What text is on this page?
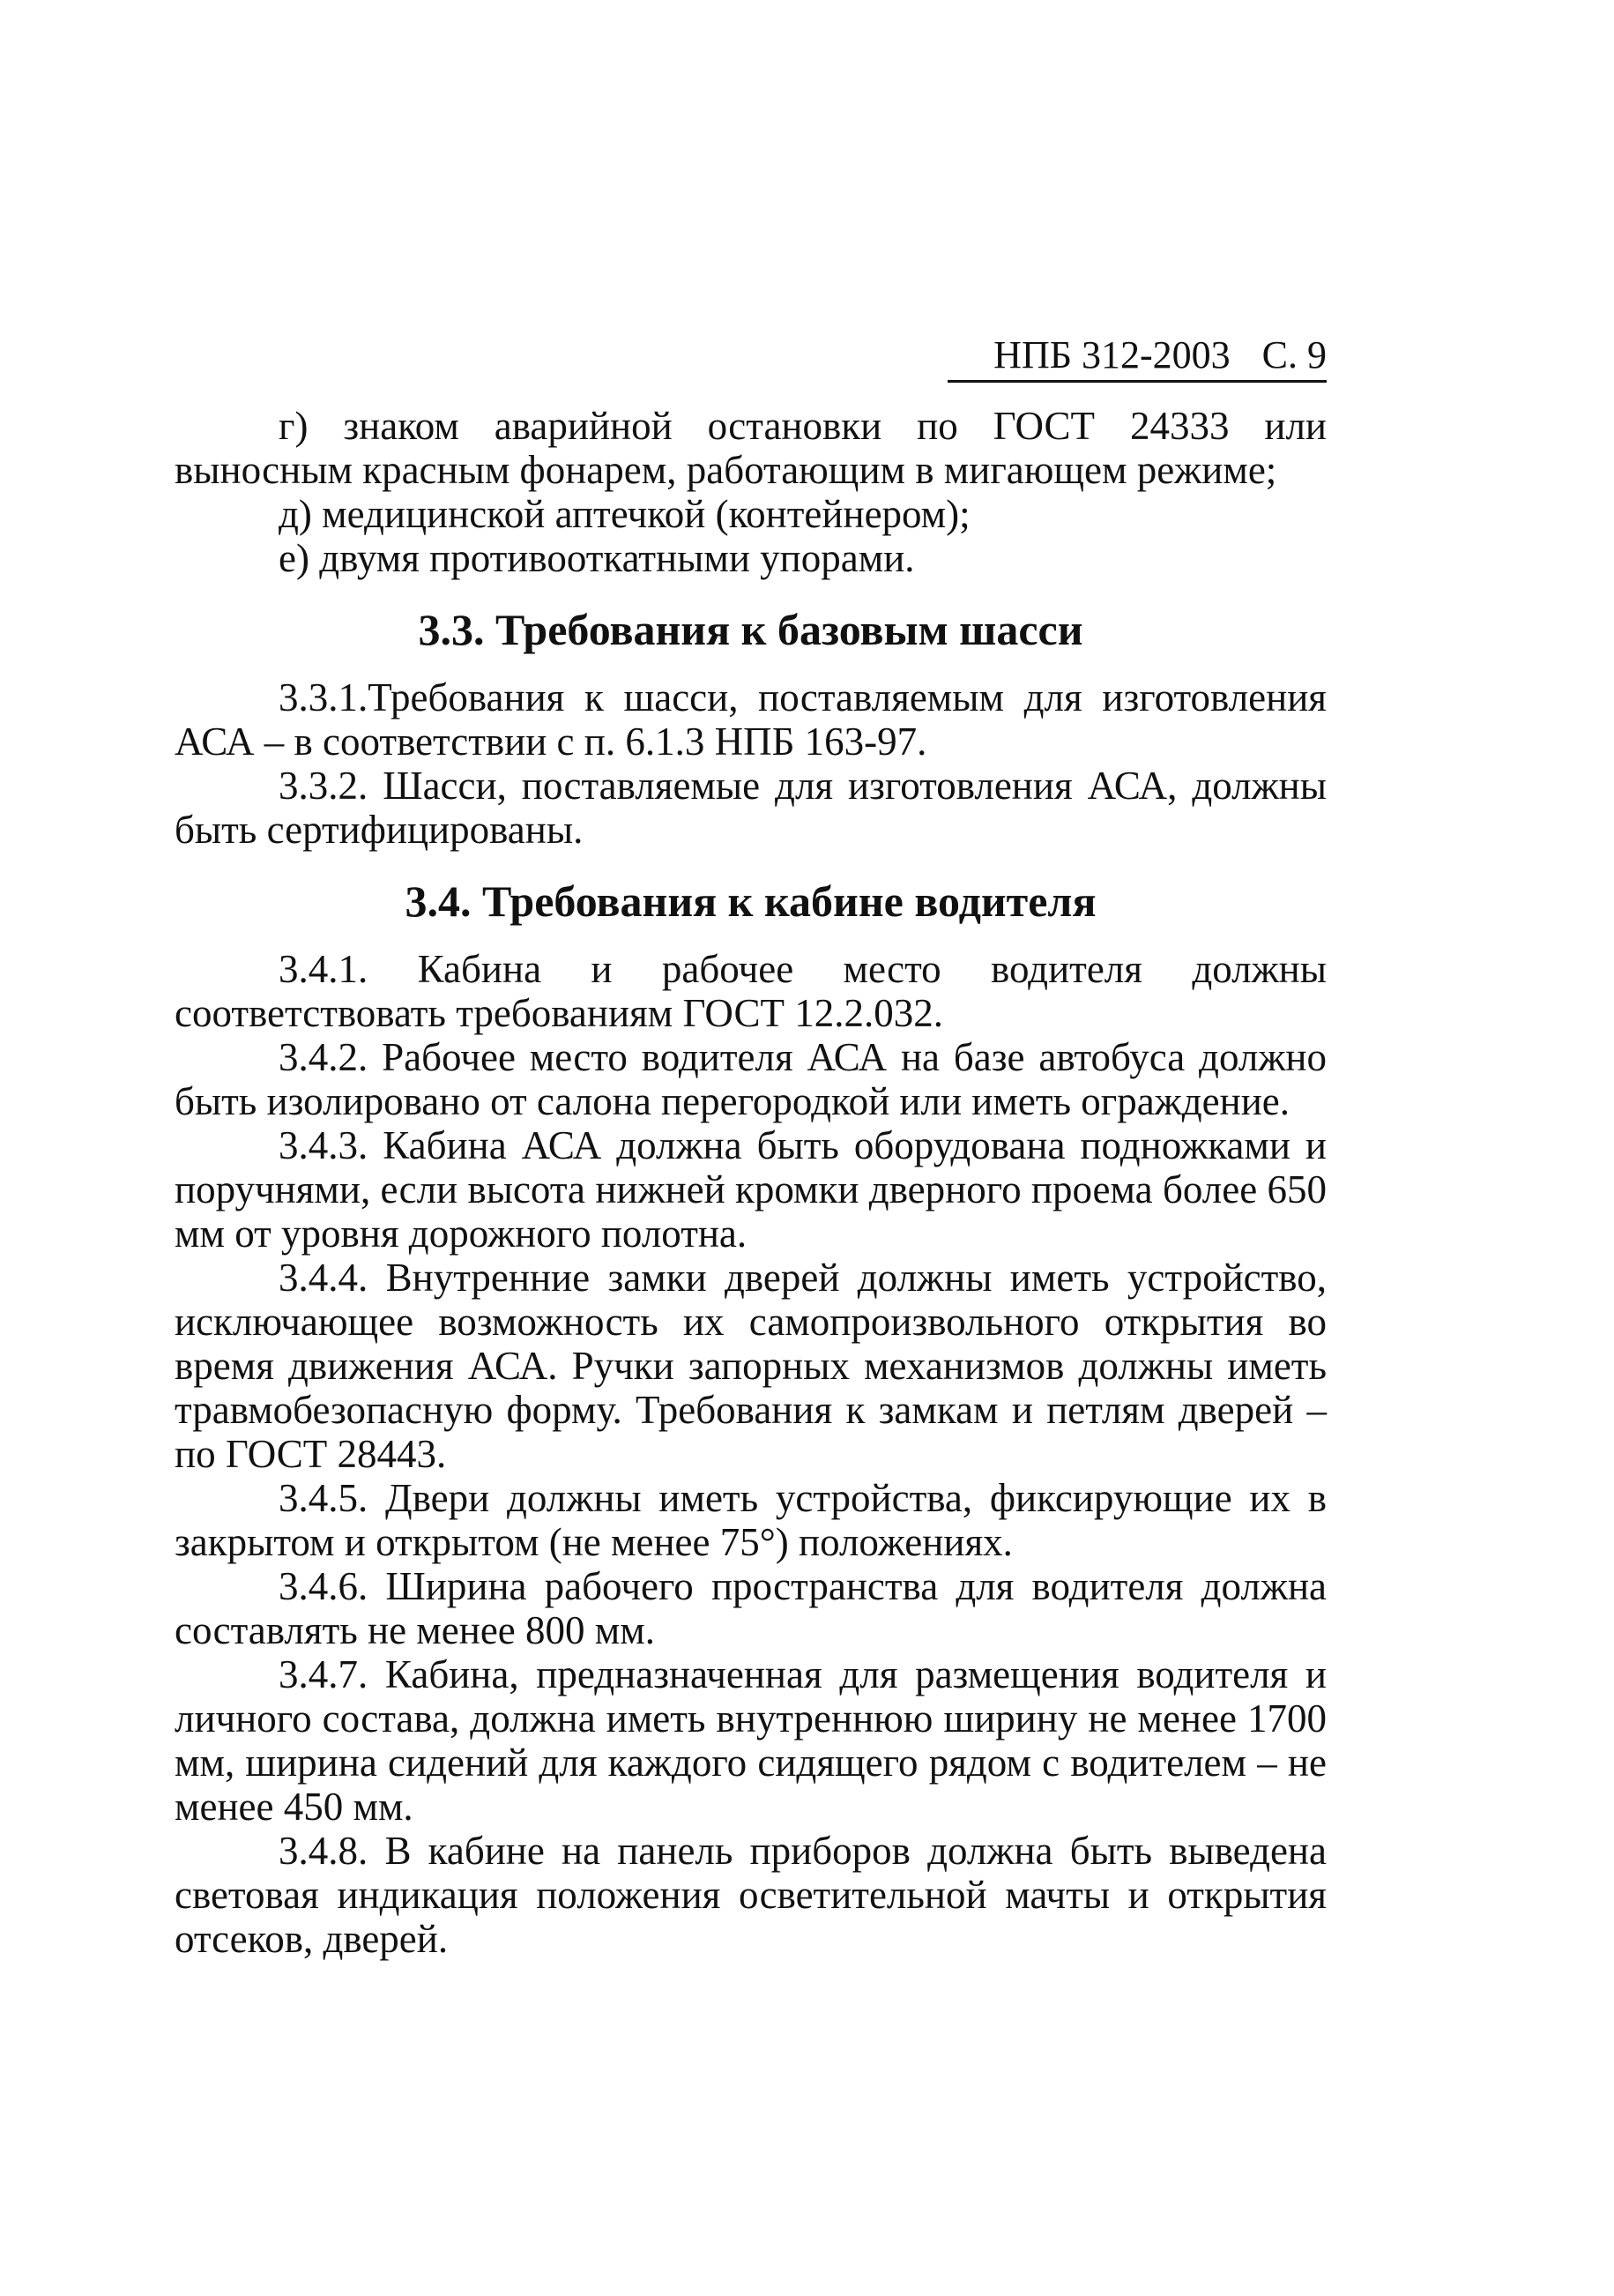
НПБ 312-2003 С. 9

г) знаком аварийной остановки по ГОСТ 24333 или выносным красным фонарем, работающим в мигающем режиме;

д) медицинской аптечкой (контейнером);

е) двумя противооткатными упорами.

3.3. Требования к базовым шасси

3.3.1.Требования к шасси, поставляемым для изготовления АСА – в соответствии с п. 6.1.3 НПБ 163-97.

3.3.2. Шасси, поставляемые для изготовления АСА, должны быть сертифицированы.

3.4. Требования к кабине водителя

3.4.1. Кабина и рабочее место водителя должны соответствовать требованиям ГОСТ 12.2.032.

3.4.2. Рабочее место водителя АСА на базе автобуса должно быть изолировано от салона перегородкой или иметь ограждение.

3.4.3. Кабина АСА должна быть оборудована подножками и поручнями, если высота нижней кромки дверного проема более 650 мм от уровня дорожного полотна.

3.4.4. Внутренние замки дверей должны иметь устройство, исключающее возможность их самопроизвольного открытия во время движения АСА. Ручки запорных механизмов должны иметь травмобезопасную форму. Требования к замкам и петлям дверей – по ГОСТ 28443.

3.4.5. Двери должны иметь устройства, фиксирующие их в закрытом и открытом (не менее 75°) положениях.

3.4.6. Ширина рабочего пространства для водителя должна составлять не менее 800 мм.

3.4.7. Кабина, предназначенная для размещения водителя и личного состава, должна иметь внутреннюю ширину не менее 1700 мм, ширина сидений для каждого сидящего рядом с водителем – не менее 450 мм.

3.4.8. В кабине на панель приборов должна быть выведена световая индикация положения осветительной мачты и открытия отсеков, дверей.
